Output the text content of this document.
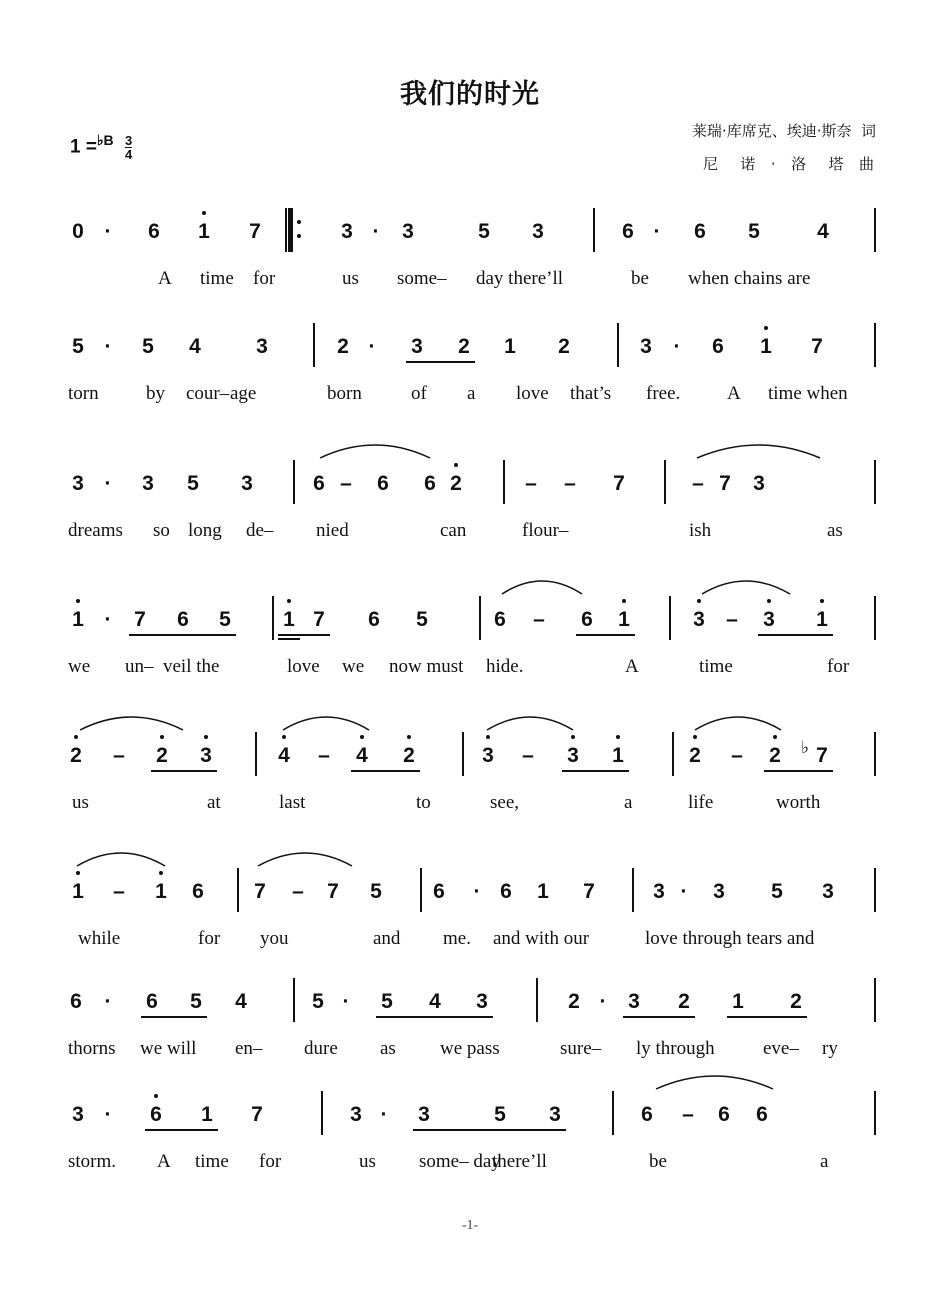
我们的时光
$1 =^{♭B} \frac{3}{4}$
莱瑞·库席克、埃迪·斯奈  词
尼   诺  ·  洛   塔  曲
0 ·	6 1 7	3 ·	3	5 3	6 ·	6 5	4
A time for	us some– day there’ll	be when chains are
5 ·	5 4	3	2 ·	3 2 1 2	3	·	6 1 7
torn by cour– age	born	of a love that’s free. A time when
3 ·	3 5 3	6 – 6 6 2	– – 7	– 7 3
dreams so long de– nied	can	flour–	ish	as
1 ·	7 6 5 1 7 6 5	6 – 6 1	3 – 3 1
we un– veil the	love we now must hide.	A	time	for
2 – 2 3	4 – 4 2	3 – 3 1	2 – 2 7
♭
us	at	last	to	see,	a	life	worth
1 – 1 6 7 – 7 5 6	· 6 1 7	3 ·	3 5 3
while	for you	and me. and with our	love through tears and
6	·	6 5 4	5 ·	5 4 3	2 ·	3 2 1 2
thorns we will en– dure as we pass	sure– ly through	eve– ry
3 ·	6 1 7	3 ·	3	5 3	6 – 6 6
storm. A time for	us some– day
there’ll	be	a
-1-
